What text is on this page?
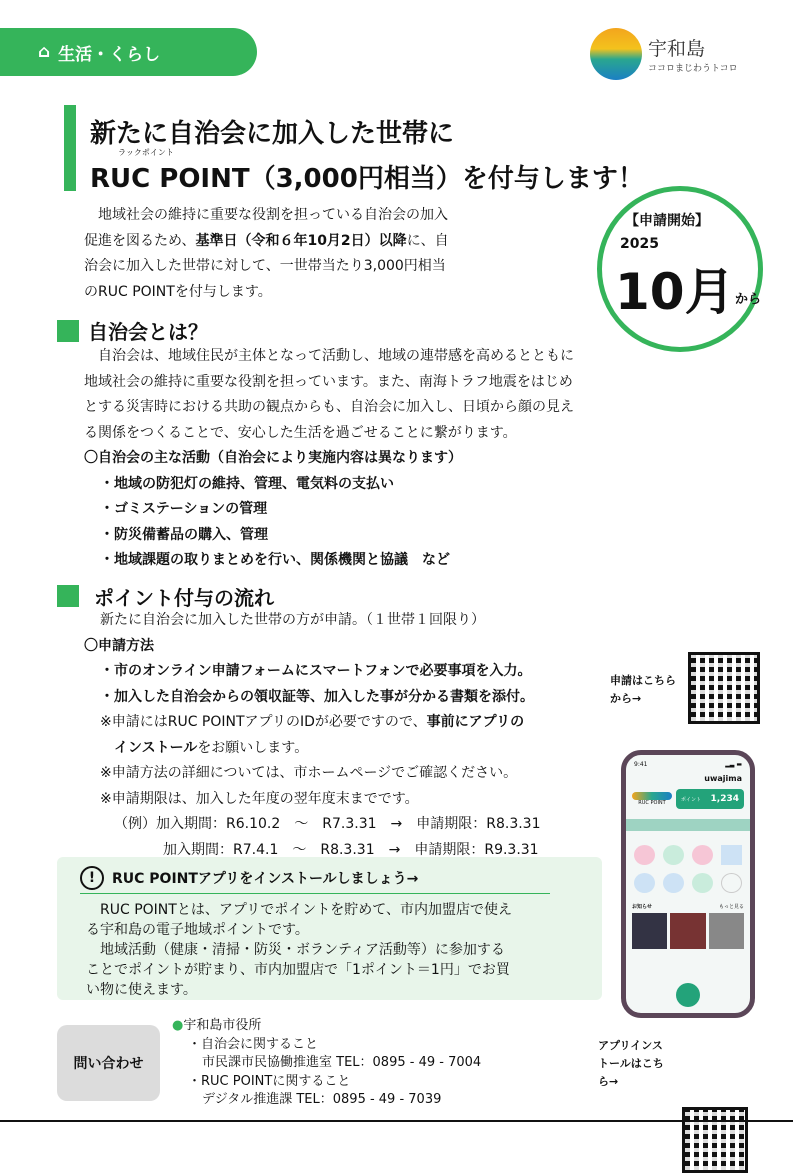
⌂ 生活・くらし	宇和島
ココロまじわうトコロ
新たに自治会に加入した世帯に
ラックポイント
RUC POINT（3,000円相当）を付与します！
【申請開始】
2025
10月 から
　地域社会の維持に重要な役割を担っている自治会の加入
促進を図るため、基準日（令和６年10月2日）以降に、自
治会に加入した世帯に対して、一世帯当たり3,000円相当
のRUC POINTを付与します。
自治会とは？
　自治会は、地域住民が主体となって活動し、地域の連帯感を高めるとともに
地域社会の維持に重要な役割を担っています。また、南海トラフ地震をはじめ
とする災害時における共助の観点からも、自治会に加入し、日頃から顔の見え
る関係をつくることで、安心した生活を過ごせることに繋がります。
〇自治会の主な活動（自治会により実施内容は異なります）
・地域の防犯灯の維持、管理、電気料の支払い
・ゴミステーションの管理
・防災備蓄品の購入、管理
・地域課題の取りまとめを行い、関係機関と協議　など
ポイント付与の流れ
新たに自治会に加入した世帯の方が申請。（１世帯１回限り）
〇申請方法
・市のオンライン申請フォームにスマートフォンで必要事項を入力。
・加入した自治会からの領収証等、加入した事が分かる書類を添付。
※申請にはRUC POINTアプリのIDが必要ですので、事前にアプリの
インストールをお願いします。
※申請方法の詳細については、市ホームページでご確認ください。
※申請期限は、加入した年度の翌年度末までです。
（例）加入期間：R6.10.2　～　R7.3.31　→　申請期限：R8.3.31
加入期間：R7.4.1　～　R8.3.31　→　申請期限：R9.3.31
申請はこちらから→
!	RUC POINTアプリをインストールしましょう→
　RUC POINTとは、アプリでポイントを貯めて、市内加盟店で使え
る宇和島の電子地域ポイントです。
　地域活動（健康・清掃・防災・ボランティア活動等）に参加する
ことでポイントが貯まり、市内加盟店で「1ポイント＝1円」でお買
い物に使えます。
9:41	▂▃ ▬
uwajima
RUC POINT
ポイント 1,234
お知らせ	もっと見る
アプリインストールはこちら→
問い合わせ
●宇和島市役所
・自治会に関すること
市民課市民協働推進室 TEL：0895 - 49 - 7004
・RUC POINTに関すること
デジタル推進課 TEL：0895 - 49 - 7039
